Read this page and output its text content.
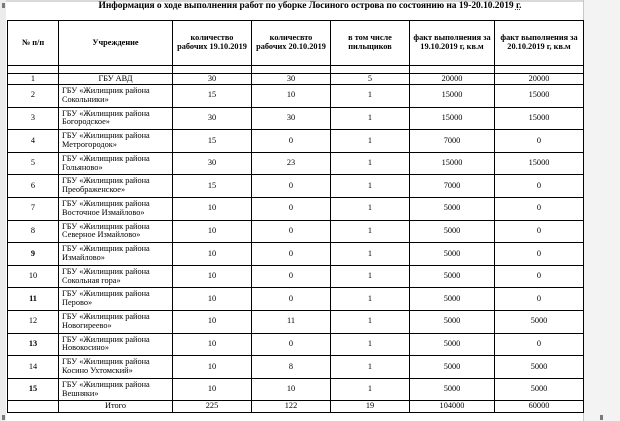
Информация о ходе выполнения работ по уборке Лосиного острова по состоянию на 19-20.10.2019 г.
№ п/п	Учреждение	количество рабочих 19.10.2019	количесвто рабочих 20.10.2019	в том числе пильщиков	факт выполнения за 19.10.2019 г, кв.м	факт выполнения за 20.10.2019 г, кв.м

1	ГБУ АВД	30	30	5	20000	20000
2	ГБУ «Жилищник района Сокольники»	15	10	1	15000	15000
3	ГБУ «Жилищник района Богородское»	30	30	1	15000	15000
4	ГБУ «Жилищник района Метрогородок»	15	0	1	7000	0
5	ГБУ «Жилищник района Гольяново»	30	23	1	15000	15000
6	ГБУ «Жилищник района Преображенское»	15	0	1	7000	0
7	ГБУ «Жилищник района Восточное Измайлово»	10	0	1	5000	0
8	ГБУ «Жилищник района Северное Измайлово»	10	0	1	5000	0
9	ГБУ «Жилищник района Измайлово»	10	0	1	5000	0
10	ГБУ «Жилищник района Сокольная гора»	10	0	1	5000	0
11	ГБУ «Жилищник района Перово»	10	0	1	5000	0
12	ГБУ «Жилищник района Новогиреево»	10	11	1	5000	5000
13	ГБУ «Жилищник района Новокосино»	10	0	1	5000	0
14	ГБУ «Жилищник района Косино Ухтомский»	10	8	1	5000	5000
15	ГБУ «Жилищник района Вешняки»	10	10	1	5000	5000
	Итого	225	122	19	104000	60000
